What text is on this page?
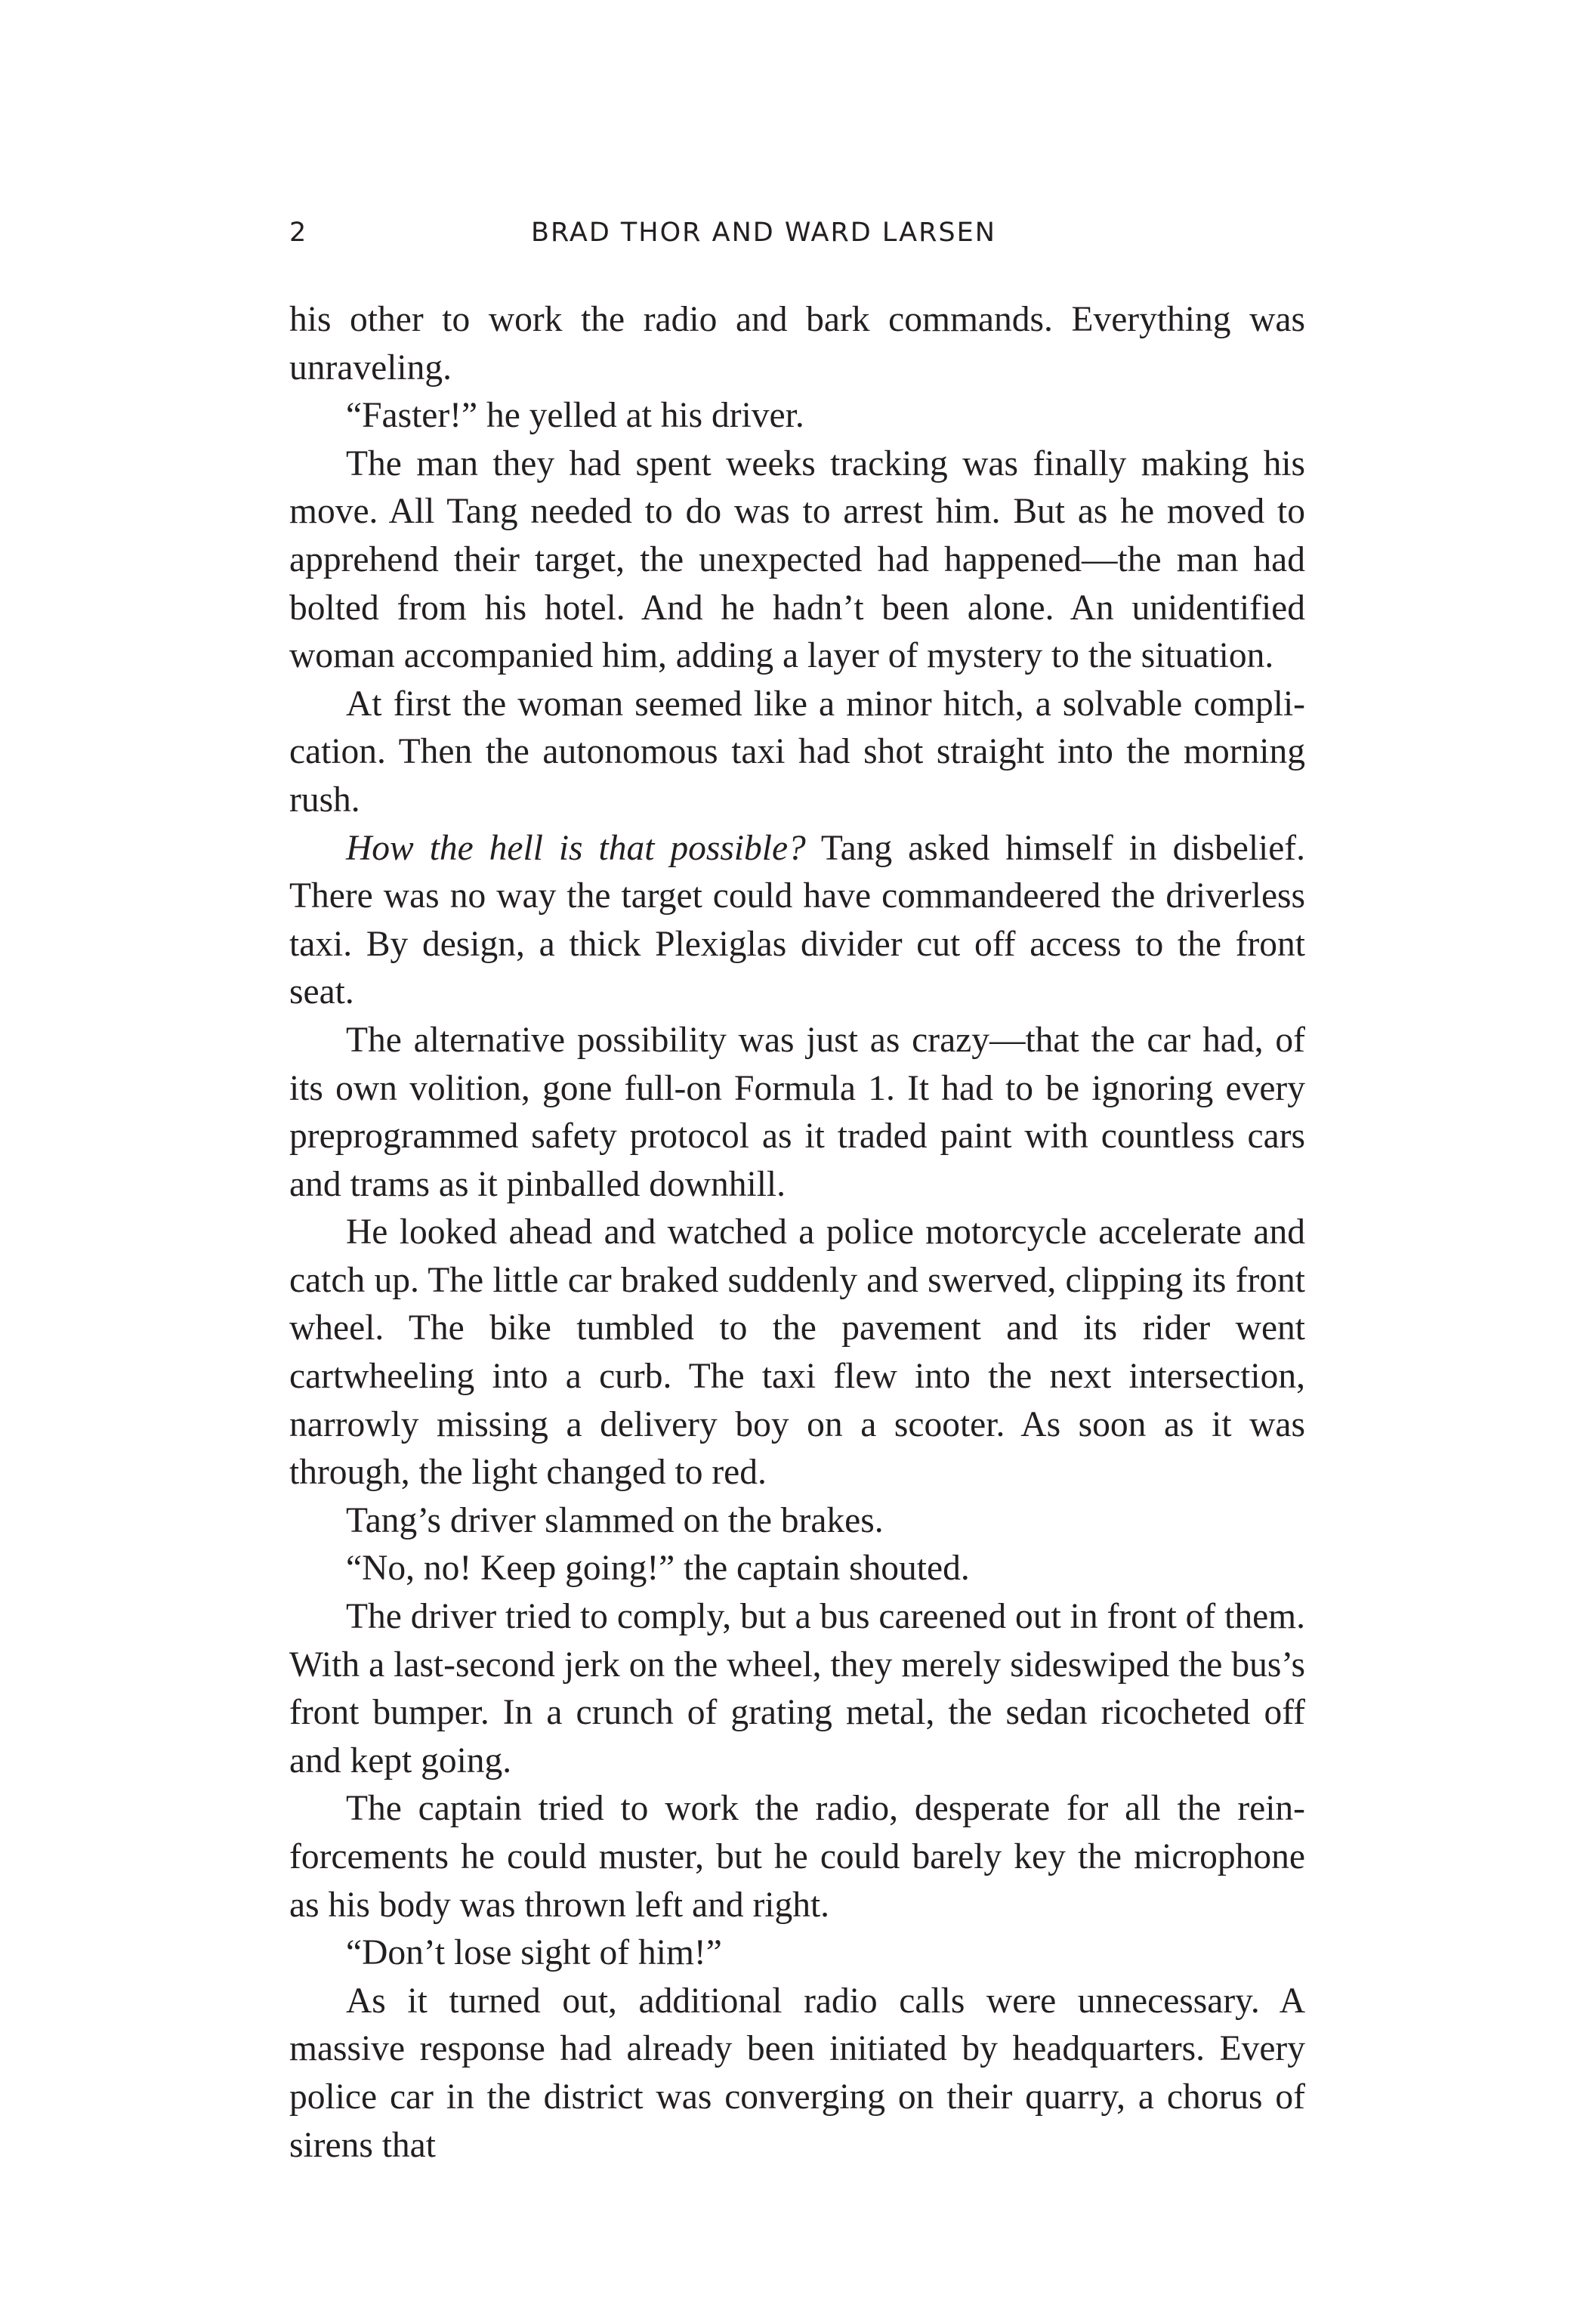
2	BRAD THOR AND WARD LARSEN

his other to work the radio and bark commands. Everything was unraveling.

“Faster!” he yelled at his driver.

The man they had spent weeks tracking was finally making his move. All Tang needed to do was to arrest him. But as he moved to apprehend their target, the unexpected had happened—the man had bolted from his hotel. And he hadn’t been alone. An unidentified woman accompanied him, adding a layer of mystery to the situation.

At first the woman seemed like a minor hitch, a solvable complication. Then the autonomous taxi had shot straight into the morning rush.

How the hell is that possible? Tang asked himself in disbelief. There was no way the target could have commandeered the driverless taxi. By design, a thick Plexiglas divider cut off access to the front seat.

The alternative possibility was just as crazy—that the car had, of its own volition, gone full-on Formula 1. It had to be ignoring every preprogrammed safety protocol as it traded paint with countless cars and trams as it pinballed downhill.

He looked ahead and watched a police motorcycle accelerate and catch up. The little car braked suddenly and swerved, clipping its front wheel. The bike tumbled to the pavement and its rider went cartwheeling into a curb. The taxi flew into the next intersection, narrowly missing a delivery boy on a scooter. As soon as it was through, the light changed to red.

Tang’s driver slammed on the brakes.

“No, no! Keep going!” the captain shouted.

The driver tried to comply, but a bus careened out in front of them. With a last-second jerk on the wheel, they merely sideswiped the bus’s front bumper. In a crunch of grating metal, the sedan ricocheted off and kept going.

The captain tried to work the radio, desperate for all the reinforcements he could muster, but he could barely key the microphone as his body was thrown left and right.

“Don’t lose sight of him!”

As it turned out, additional radio calls were unnecessary. A massive response had already been initiated by headquarters. Every police car in the district was converging on their quarry, a chorus of sirens that
